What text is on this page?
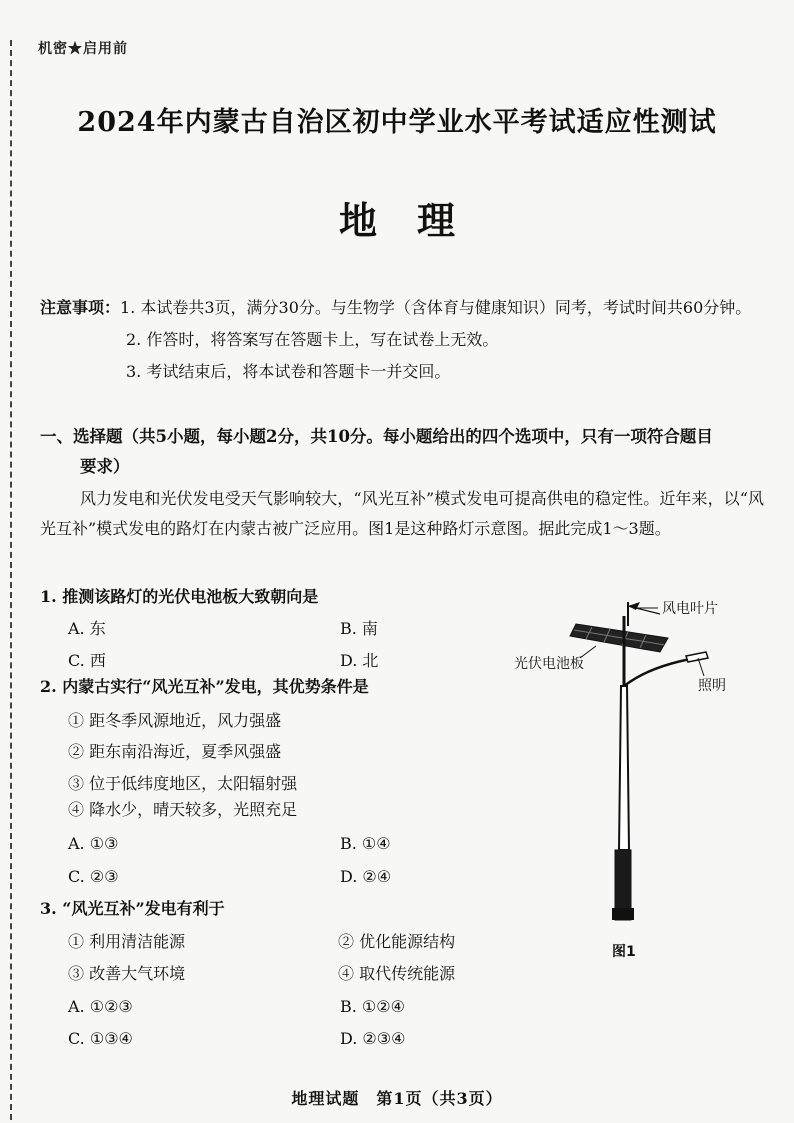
机密★启用前
2024年内蒙古自治区初中学业水平考试适应性测试
地理
注意事项：1. 本试卷共3页，满分30分。与生物学（含体育与健康知识）同考，考试时间共60分钟。
2. 作答时，将答案写在答题卡上，写在试卷上无效。
3. 考试结束后，将本试卷和答题卡一并交回。
一、选择题（共5小题，每小题2分，共10分。每小题给出的四个选项中，只有一项符合题目
要求）

风力发电和光伏发电受天气影响较大，“风光互补”模式发电可提高供电的稳定性。近年来，以“风光互补”模式发电的路灯在内蒙古被广泛应用。图1是这种路灯示意图。据此完成1～3题。

1. 推测该路灯的光伏电池板大致朝向是
A. 东	B. 南
C. 西	D. 北
2. 内蒙古实行“风光互补”发电，其优势条件是
① 距冬季风源地近，风力强盛
② 距东南沿海近，夏季风强盛
③ 位于低纬度地区，太阳辐射强
④ 降水少，晴天较多，光照充足
A. ①③	B. ①④
C. ②③	D. ②④
3. “风光互补”发电有利于
① 利用清洁能源	② 优化能源结构
③ 改善大气环境	④ 取代传统能源
A. ①②③	B. ①②④
C. ①③④	D. ②③④
风电叶片
光伏电池板
照明
图1
地理试题　第1页（共3页）
